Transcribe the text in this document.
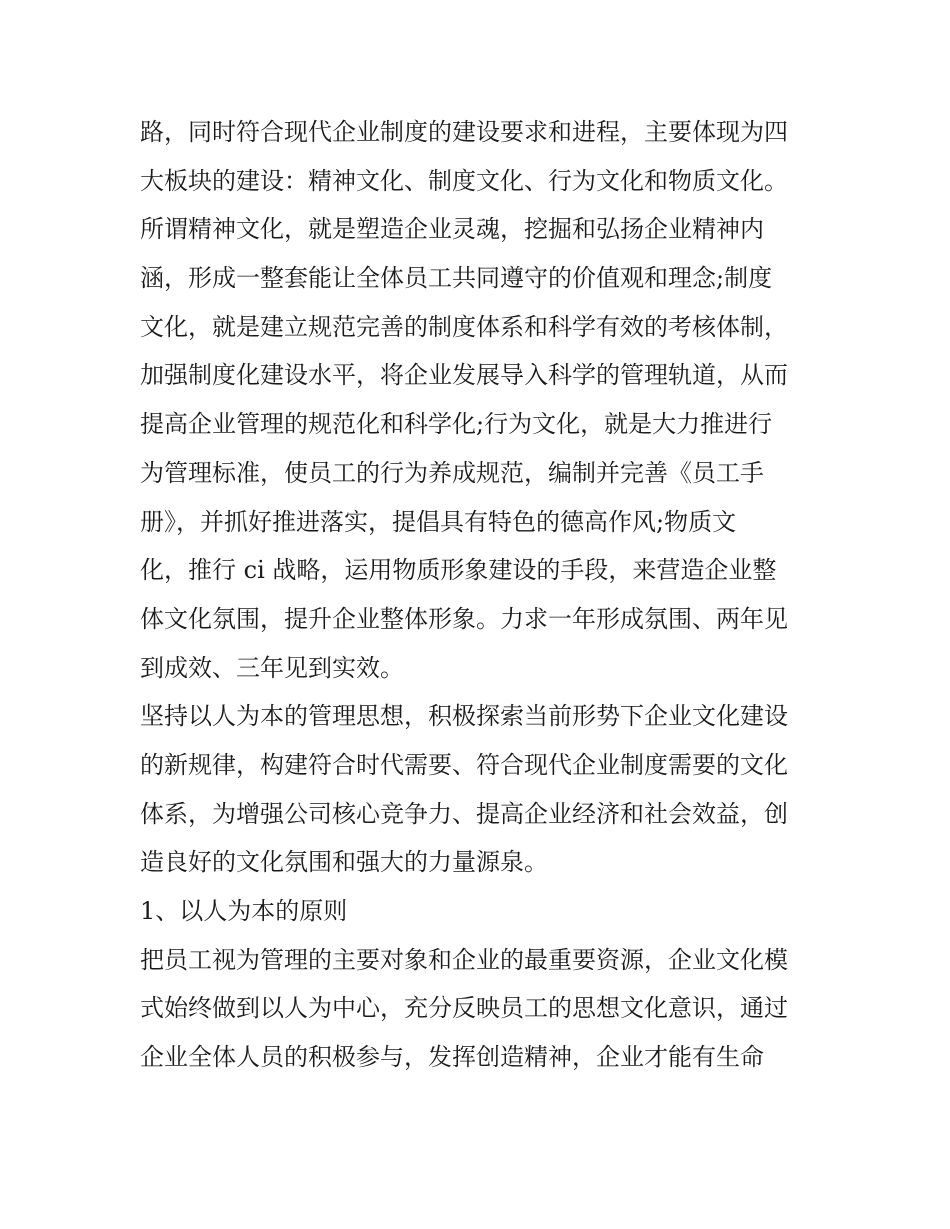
路，同时符合现代企业制度的建设要求和进程，主要体现为四
大板块的建设：精神文化、制度文化、行为文化和物质文化。
所谓精神文化，就是塑造企业灵魂，挖掘和弘扬企业精神内
涵，形成一整套能让全体员工共同遵守的价值观和理念;制度
文化，就是建立规范完善的制度体系和科学有效的考核体制，
加强制度化建设水平，将企业发展导入科学的管理轨道，从而
提高企业管理的规范化和科学化;行为文化，就是大力推进行
为管理标准，使员工的行为养成规范，编制并完善《员工手
册》，并抓好推进落实，提倡具有特色的德高作风;物质文
化，推行 ci 战略，运用物质形象建设的手段，来营造企业整
体文化氛围，提升企业整体形象。力求一年形成氛围、两年见
到成效、三年见到实效。
坚持以人为本的管理思想，积极探索当前形势下企业文化建设
的新规律，构建符合时代需要、符合现代企业制度需要的文化
体系，为增强公司核心竞争力、提高企业经济和社会效益，创
造良好的文化氛围和强大的力量源泉。
1、以人为本的原则
把员工视为管理的主要对象和企业的最重要资源，企业文化模
式始终做到以人为中心，充分反映员工的思想文化意识，通过
企业全体人员的积极参与，发挥创造精神，企业才能有生命
